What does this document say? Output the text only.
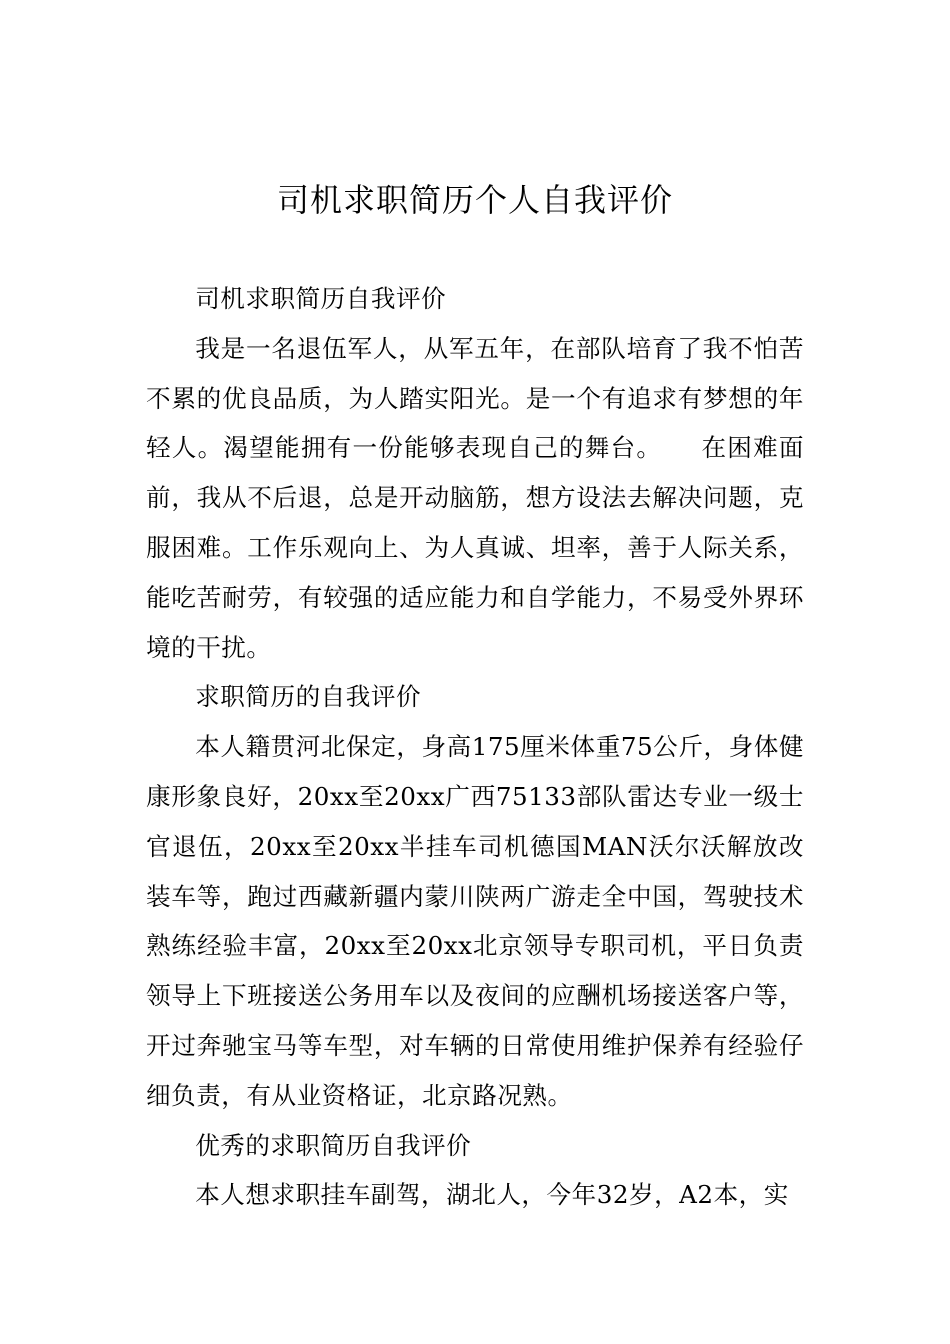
司机求职简历个人自我评价

司机求职简历自我评价

我是一名退伍军人，从军五年，在部队培育了我不怕苦不累的优良品质，为人踏实阳光。是一个有追求有梦想的年轻人。渴望能拥有一份能够表现自己的舞台。　　在困难面前，我从不后退，总是开动脑筋，想方设法去解决问题，克服困难。工作乐观向上、为人真诚、坦率，善于人际关系，能吃苦耐劳，有较强的适应能力和自学能力，不易受外界环境的干扰。

求职简历的自我评价

本人籍贯河北保定，身高175厘米体重75公斤，身体健康形象良好，20xx至20xx广西75133部队雷达专业一级士官退伍，20xx至20xx半挂车司机德国MAN沃尔沃解放改装车等，跑过西藏新疆内蒙川陕两广游走全中国，驾驶技术熟练经验丰富，20xx至20xx北京领导专职司机，平日负责领导上下班接送公务用车以及夜间的应酬机场接送客户等，开过奔驰宝马等车型，对车辆的日常使用维护保养有经验仔细负责，有从业资格证，北京路况熟。

优秀的求职简历自我评价

本人想求职挂车副驾，湖北人，今年32岁，A2本，实
